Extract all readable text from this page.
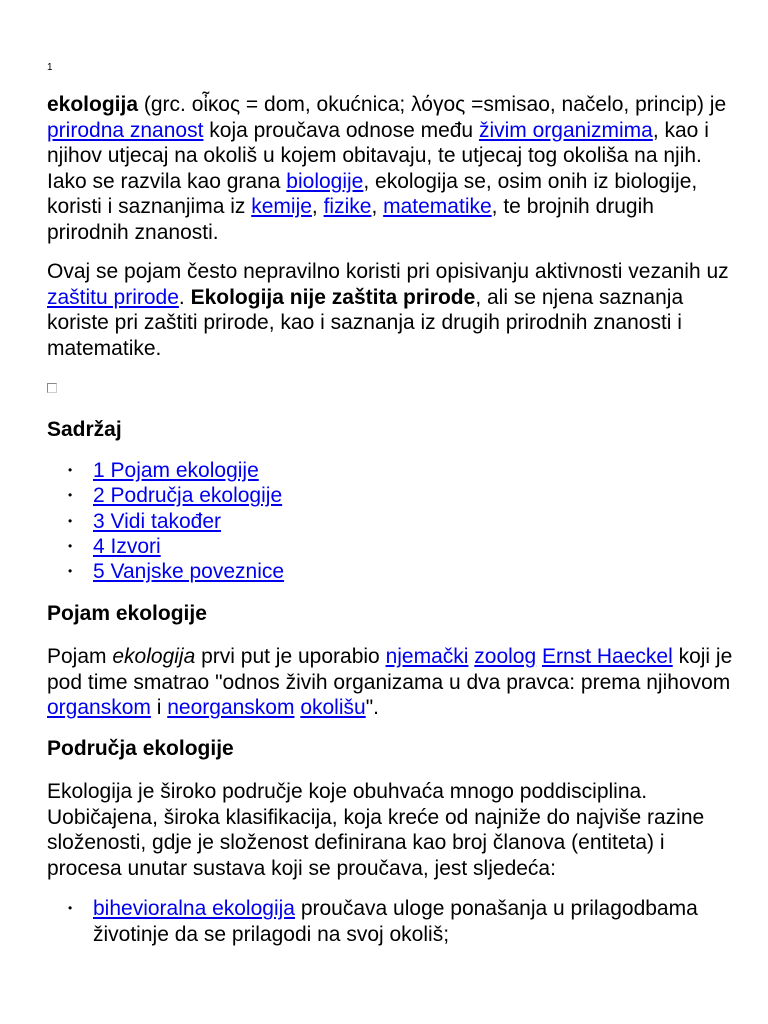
1

ekologija (grc. οἶκος = dom, okućnica; λόγος =smisao, načelo, princip) je prirodna znanost koja proučava odnose među živim organizmima, kao i njihov utjecaj na okoliš u kojem obitavaju, te utjecaj tog okoliša na njih. Iako se razvila kao grana biologije, ekologija se, osim onih iz biologije, koristi i saznanjima iz kemije, fizike, matematike, te brojnih drugih prirodnih znanosti.

Ovaj se pojam često nepravilno koristi pri opisivanju aktivnosti vezanih uz zaštitu prirode. Ekologija nije zaštita prirode, ali se njena saznanja koriste pri zaštiti prirode, kao i saznanja iz drugih prirodnih znanosti i matematike.

Sadržaj
• 1 Pojam ekologije
• 2 Područja ekologije
• 3 Vidi također
• 4 Izvori
• 5 Vanjske poveznice
Pojam ekologije

Pojam ekologija prvi put je uporabio njemački zoolog Ernst Haeckel koji je pod time smatrao "odnos živih organizama u dva pravca: prema njihovom organskom i neorganskom okolišu".

Područja ekologije

Ekologija je široko područje koje obuhvaća mnogo poddisciplina. Uobičajena, široka klasifikacija, koja kreće od najniže do najviše razine složenosti, gdje je složenost definirana kao broj članova (entiteta) i procesa unutar sustava koji se proučava, jest sljedeća:

• bihevioralna ekologija proučava uloge ponašanja u prilagodbama životinje da se prilagodi na svoj okoliš;
